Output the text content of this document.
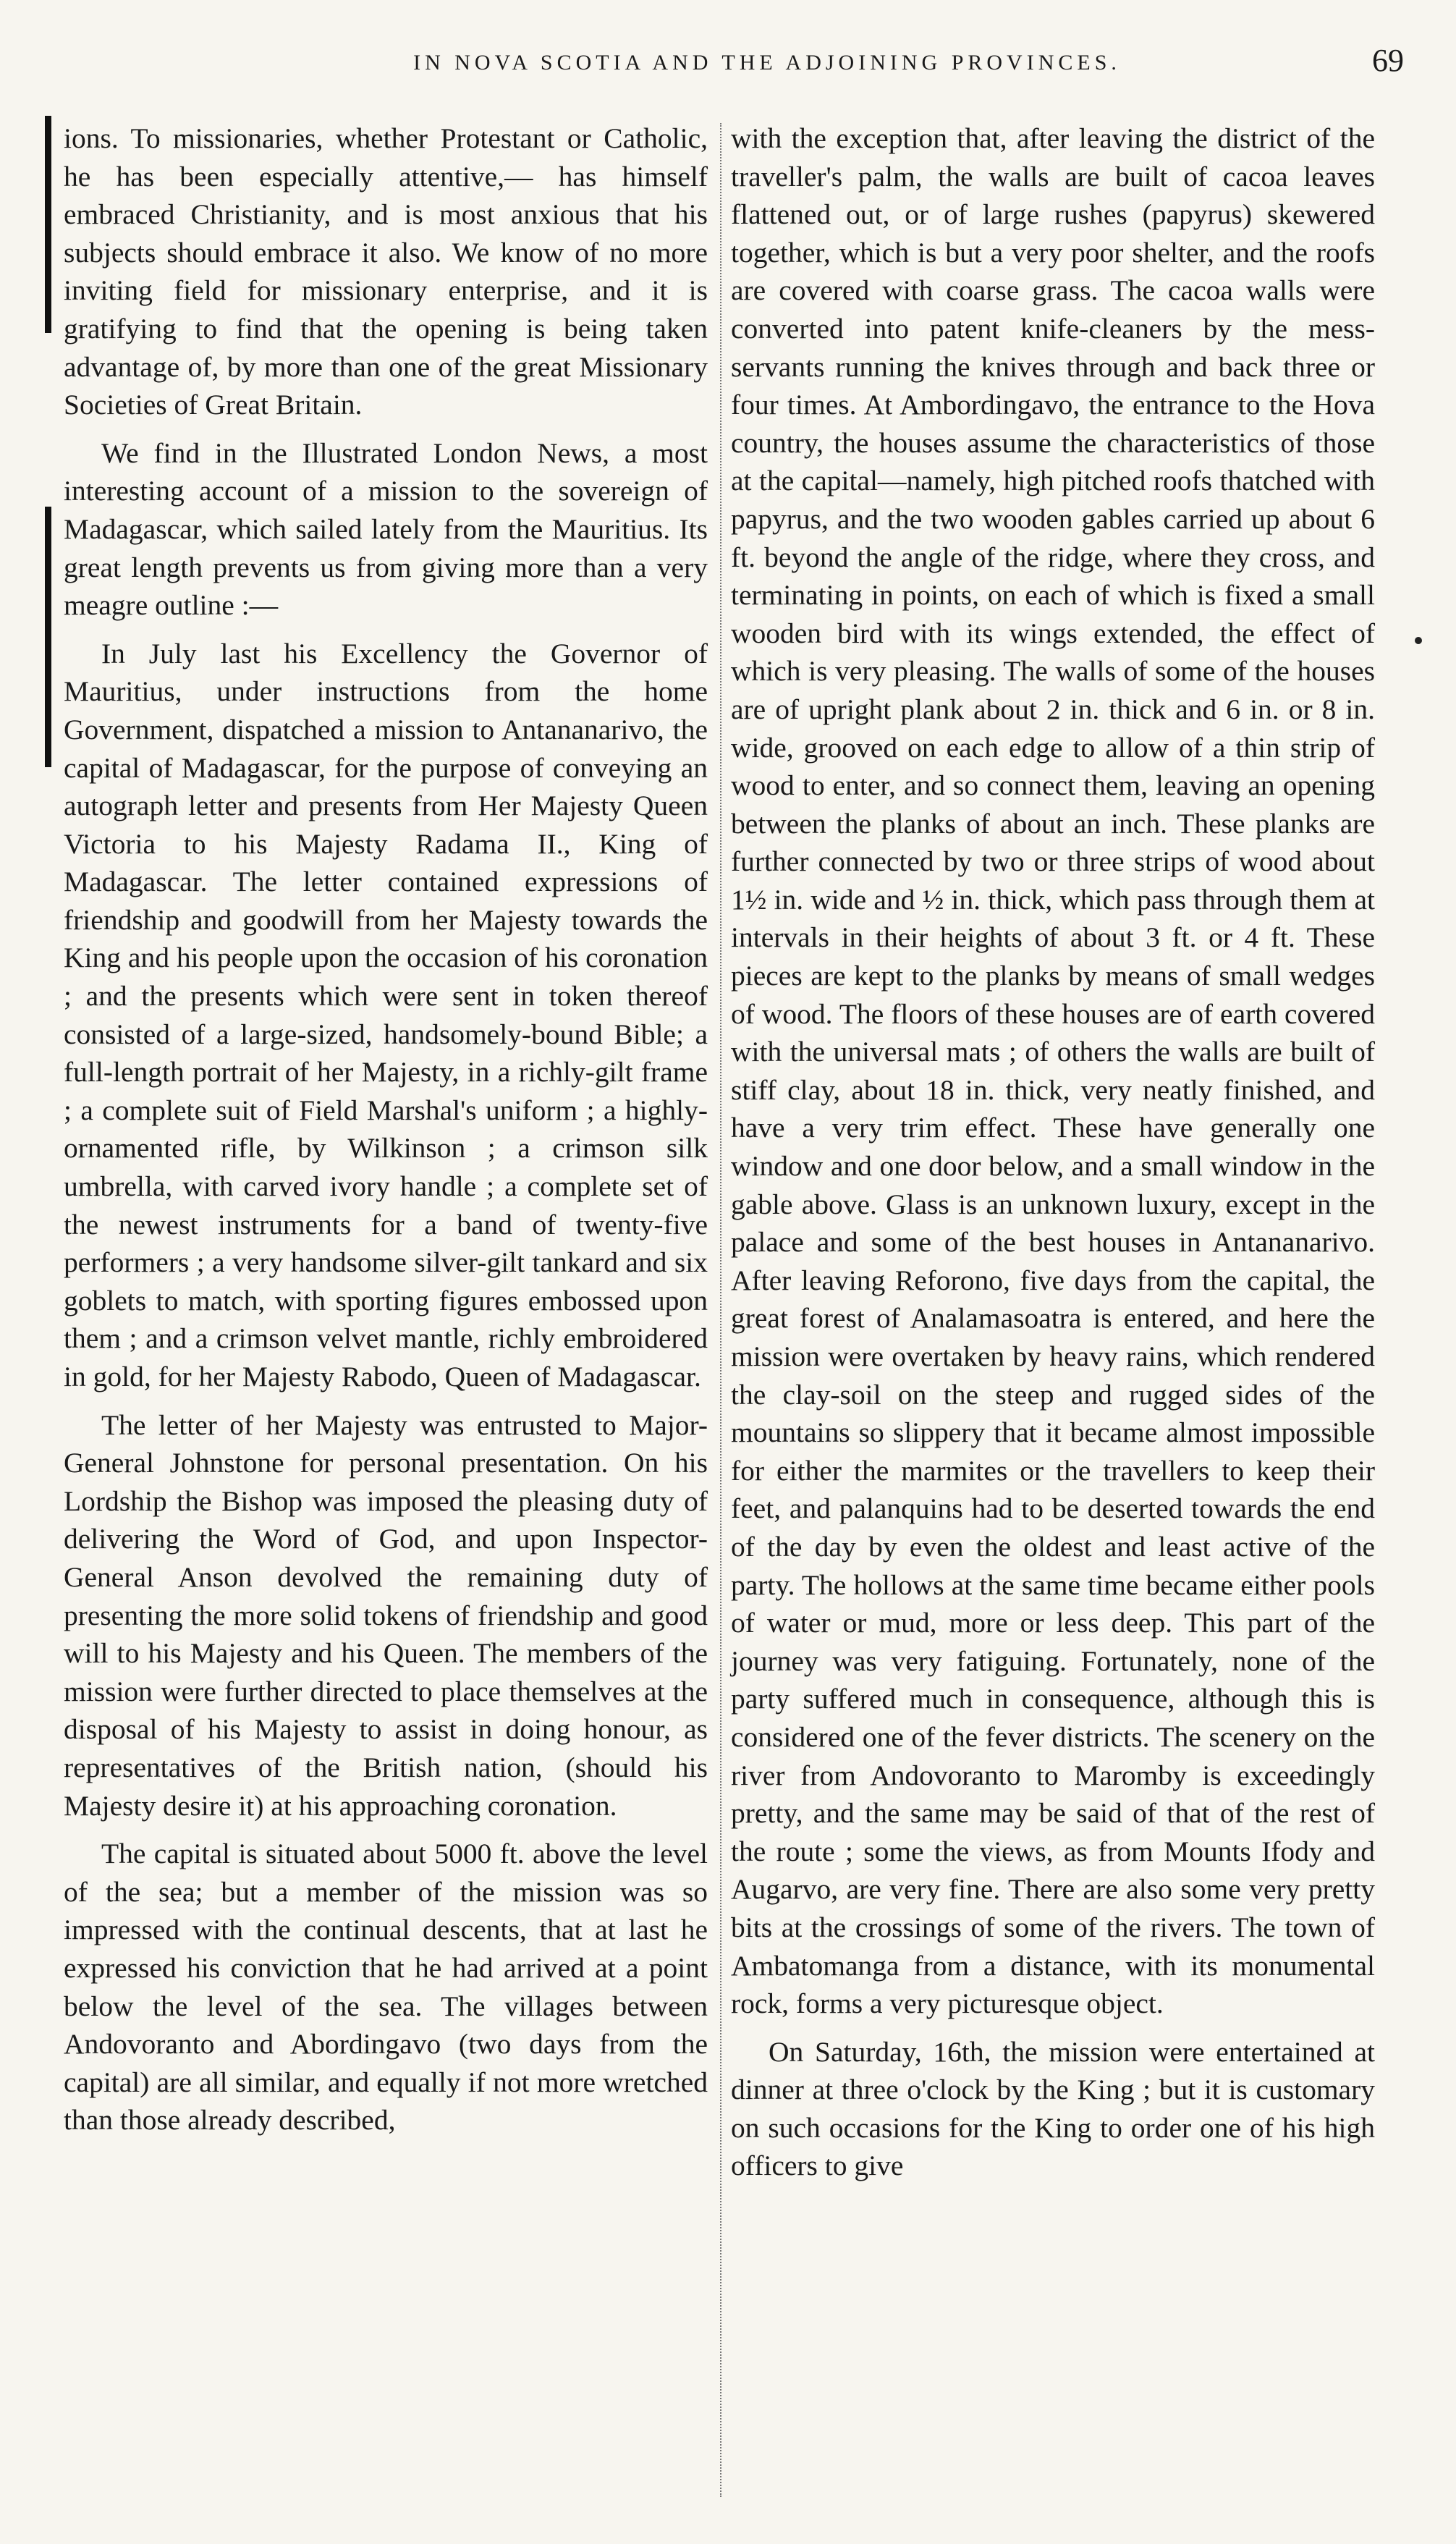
IN NOVA SCOTIA AND THE ADJOINING PROVINCES.	69

ions. To missionaries, whether Protestant or Catholic, he has been especially attentive,— has himself embraced Christianity, and is most anxious that his subjects should embrace it also. We know of no more inviting field for missionary enterprise, and it is gratifying to find that the opening is being taken advantage of, by more than one of the great Missionary Societies of Great Britain.

We find in the Illustrated London News, a most interesting account of a mission to the sovereign of Madagascar, which sailed lately from the Mauritius. Its great length prevents us from giving more than a very meagre outline :—

In July last his Excellency the Governor of Mauritius, under instructions from the home Government, dispatched a mission to Antananarivo, the capital of Madagascar, for the purpose of conveying an autograph letter and presents from Her Majesty Queen Victoria to his Majesty Radama II., King of Madagascar. The letter contained expressions of friendship and goodwill from her Majesty towards the King and his people upon the occasion of his coronation ; and the presents which were sent in token thereof consisted of a large-sized, handsomely-bound Bible; a full-length portrait of her Majesty, in a richly-gilt frame ; a complete suit of Field Marshal's uniform ; a highly-ornamented rifle, by Wilkinson ; a crimson silk umbrella, with carved ivory handle ; a complete set of the newest instruments for a band of twenty-five performers ; a very handsome silver-gilt tankard and six goblets to match, with sporting figures embossed upon them ; and a crimson velvet mantle, richly embroidered in gold, for her Majesty Rabodo, Queen of Madagascar.

The letter of her Majesty was entrusted to Major-General Johnstone for personal presentation. On his Lordship the Bishop was imposed the pleasing duty of delivering the Word of God, and upon Inspector-General Anson devolved the remaining duty of presenting the more solid tokens of friendship and good will to his Majesty and his Queen. The members of the mission were further directed to place themselves at the disposal of his Majesty to assist in doing honour, as representatives of the British nation, (should his Majesty desire it) at his approaching coronation.

The capital is situated about 5000 ft. above the level of the sea; but a member of the mission was so impressed with the continual descents, that at last he expressed his conviction that he had arrived at a point below the level of the sea. The villages between Andovoranto and Abordingavo (two days from the capital) are all similar, and equally if not more wretched than those already described,

with the exception that, after leaving the district of the traveller's palm, the walls are built of cacoa leaves flattened out, or of large rushes (papyrus) skewered together, which is but a very poor shelter, and the roofs are covered with coarse grass. The cacoa walls were converted into patent knife-cleaners by the mess-servants running the knives through and back three or four times. At Ambordingavo, the entrance to the Hova country, the houses assume the characteristics of those at the capital—namely, high pitched roofs thatched with papyrus, and the two wooden gables carried up about 6 ft. beyond the angle of the ridge, where they cross, and terminating in points, on each of which is fixed a small wooden bird with its wings extended, the effect of which is very pleasing. The walls of some of the houses are of upright plank about 2 in. thick and 6 in. or 8 in. wide, grooved on each edge to allow of a thin strip of wood to enter, and so connect them, leaving an opening between the planks of about an inch. These planks are further connected by two or three strips of wood about 1½ in. wide and ½ in. thick, which pass through them at intervals in their heights of about 3 ft. or 4 ft. These pieces are kept to the planks by means of small wedges of wood. The floors of these houses are of earth covered with the universal mats ; of others the walls are built of stiff clay, about 18 in. thick, very neatly finished, and have a very trim effect. These have generally one window and one door below, and a small window in the gable above. Glass is an unknown luxury, except in the palace and some of the best houses in Antananarivo. After leaving Reforono, five days from the capital, the great forest of Analamasoatra is entered, and here the mission were overtaken by heavy rains, which rendered the clay-soil on the steep and rugged sides of the mountains so slippery that it became almost impossible for either the marmites or the travellers to keep their feet, and palanquins had to be deserted towards the end of the day by even the oldest and least active of the party. The hollows at the same time became either pools of water or mud, more or less deep. This part of the journey was very fatiguing. Fortunately, none of the party suffered much in consequence, although this is considered one of the fever districts. The scenery on the river from Andovoranto to Maromby is exceedingly pretty, and the same may be said of that of the rest of the route ; some the views, as from Mounts Ifody and Augarvo, are very fine. There are also some very pretty bits at the crossings of some of the rivers. The town of Ambatomanga from a distance, with its monumental rock, forms a very picturesque object.

On Saturday, 16th, the mission were entertained at dinner at three o'clock by the King ; but it is customary on such occasions for the King to order one of his high officers to give
